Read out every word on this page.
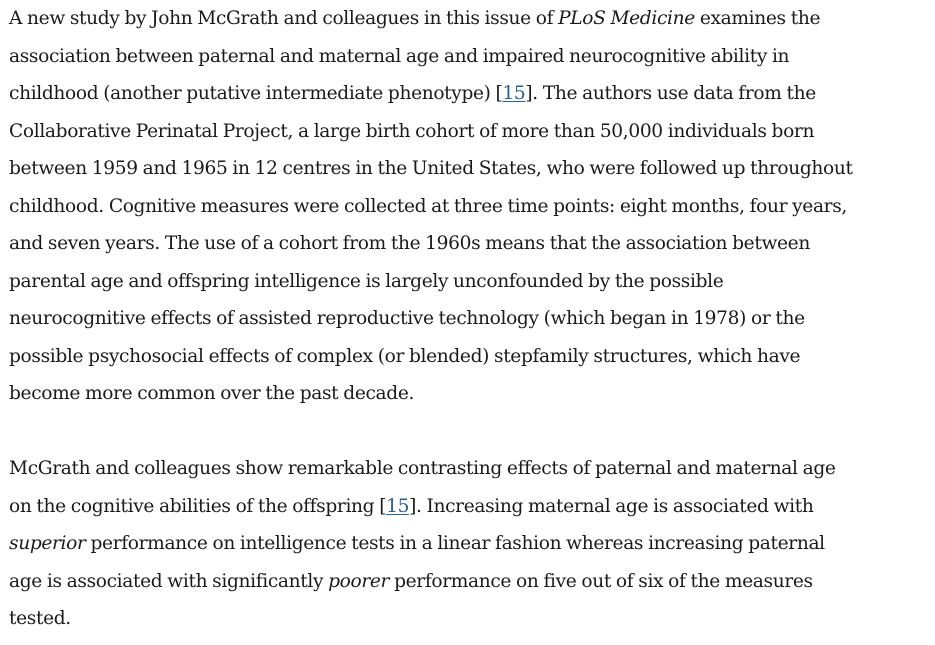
A new study by John McGrath and colleagues in this issue of PLoS Medicine examines the
association between paternal and maternal age and impaired neurocognitive ability in
childhood (another putative intermediate phenotype) [15]. The authors use data from the
Collaborative Perinatal Project, a large birth cohort of more than 50,000 individuals born
between 1959 and 1965 in 12 centres in the United States, who were followed up throughout
childhood. Cognitive measures were collected at three time points: eight months, four years,
and seven years. The use of a cohort from the 1960s means that the association between
parental age and offspring intelligence is largely unconfounded by the possible
neurocognitive effects of assisted reproductive technology (which began in 1978) or the
possible psychosocial effects of complex (or blended) stepfamily structures, which have
become more common over the past decade.

McGrath and colleagues show remarkable contrasting effects of paternal and maternal age
on the cognitive abilities of the offspring [15]. Increasing maternal age is associated with
superior performance on intelligence tests in a linear fashion whereas increasing paternal
age is associated with significantly poorer performance on five out of six of the measures
tested.
